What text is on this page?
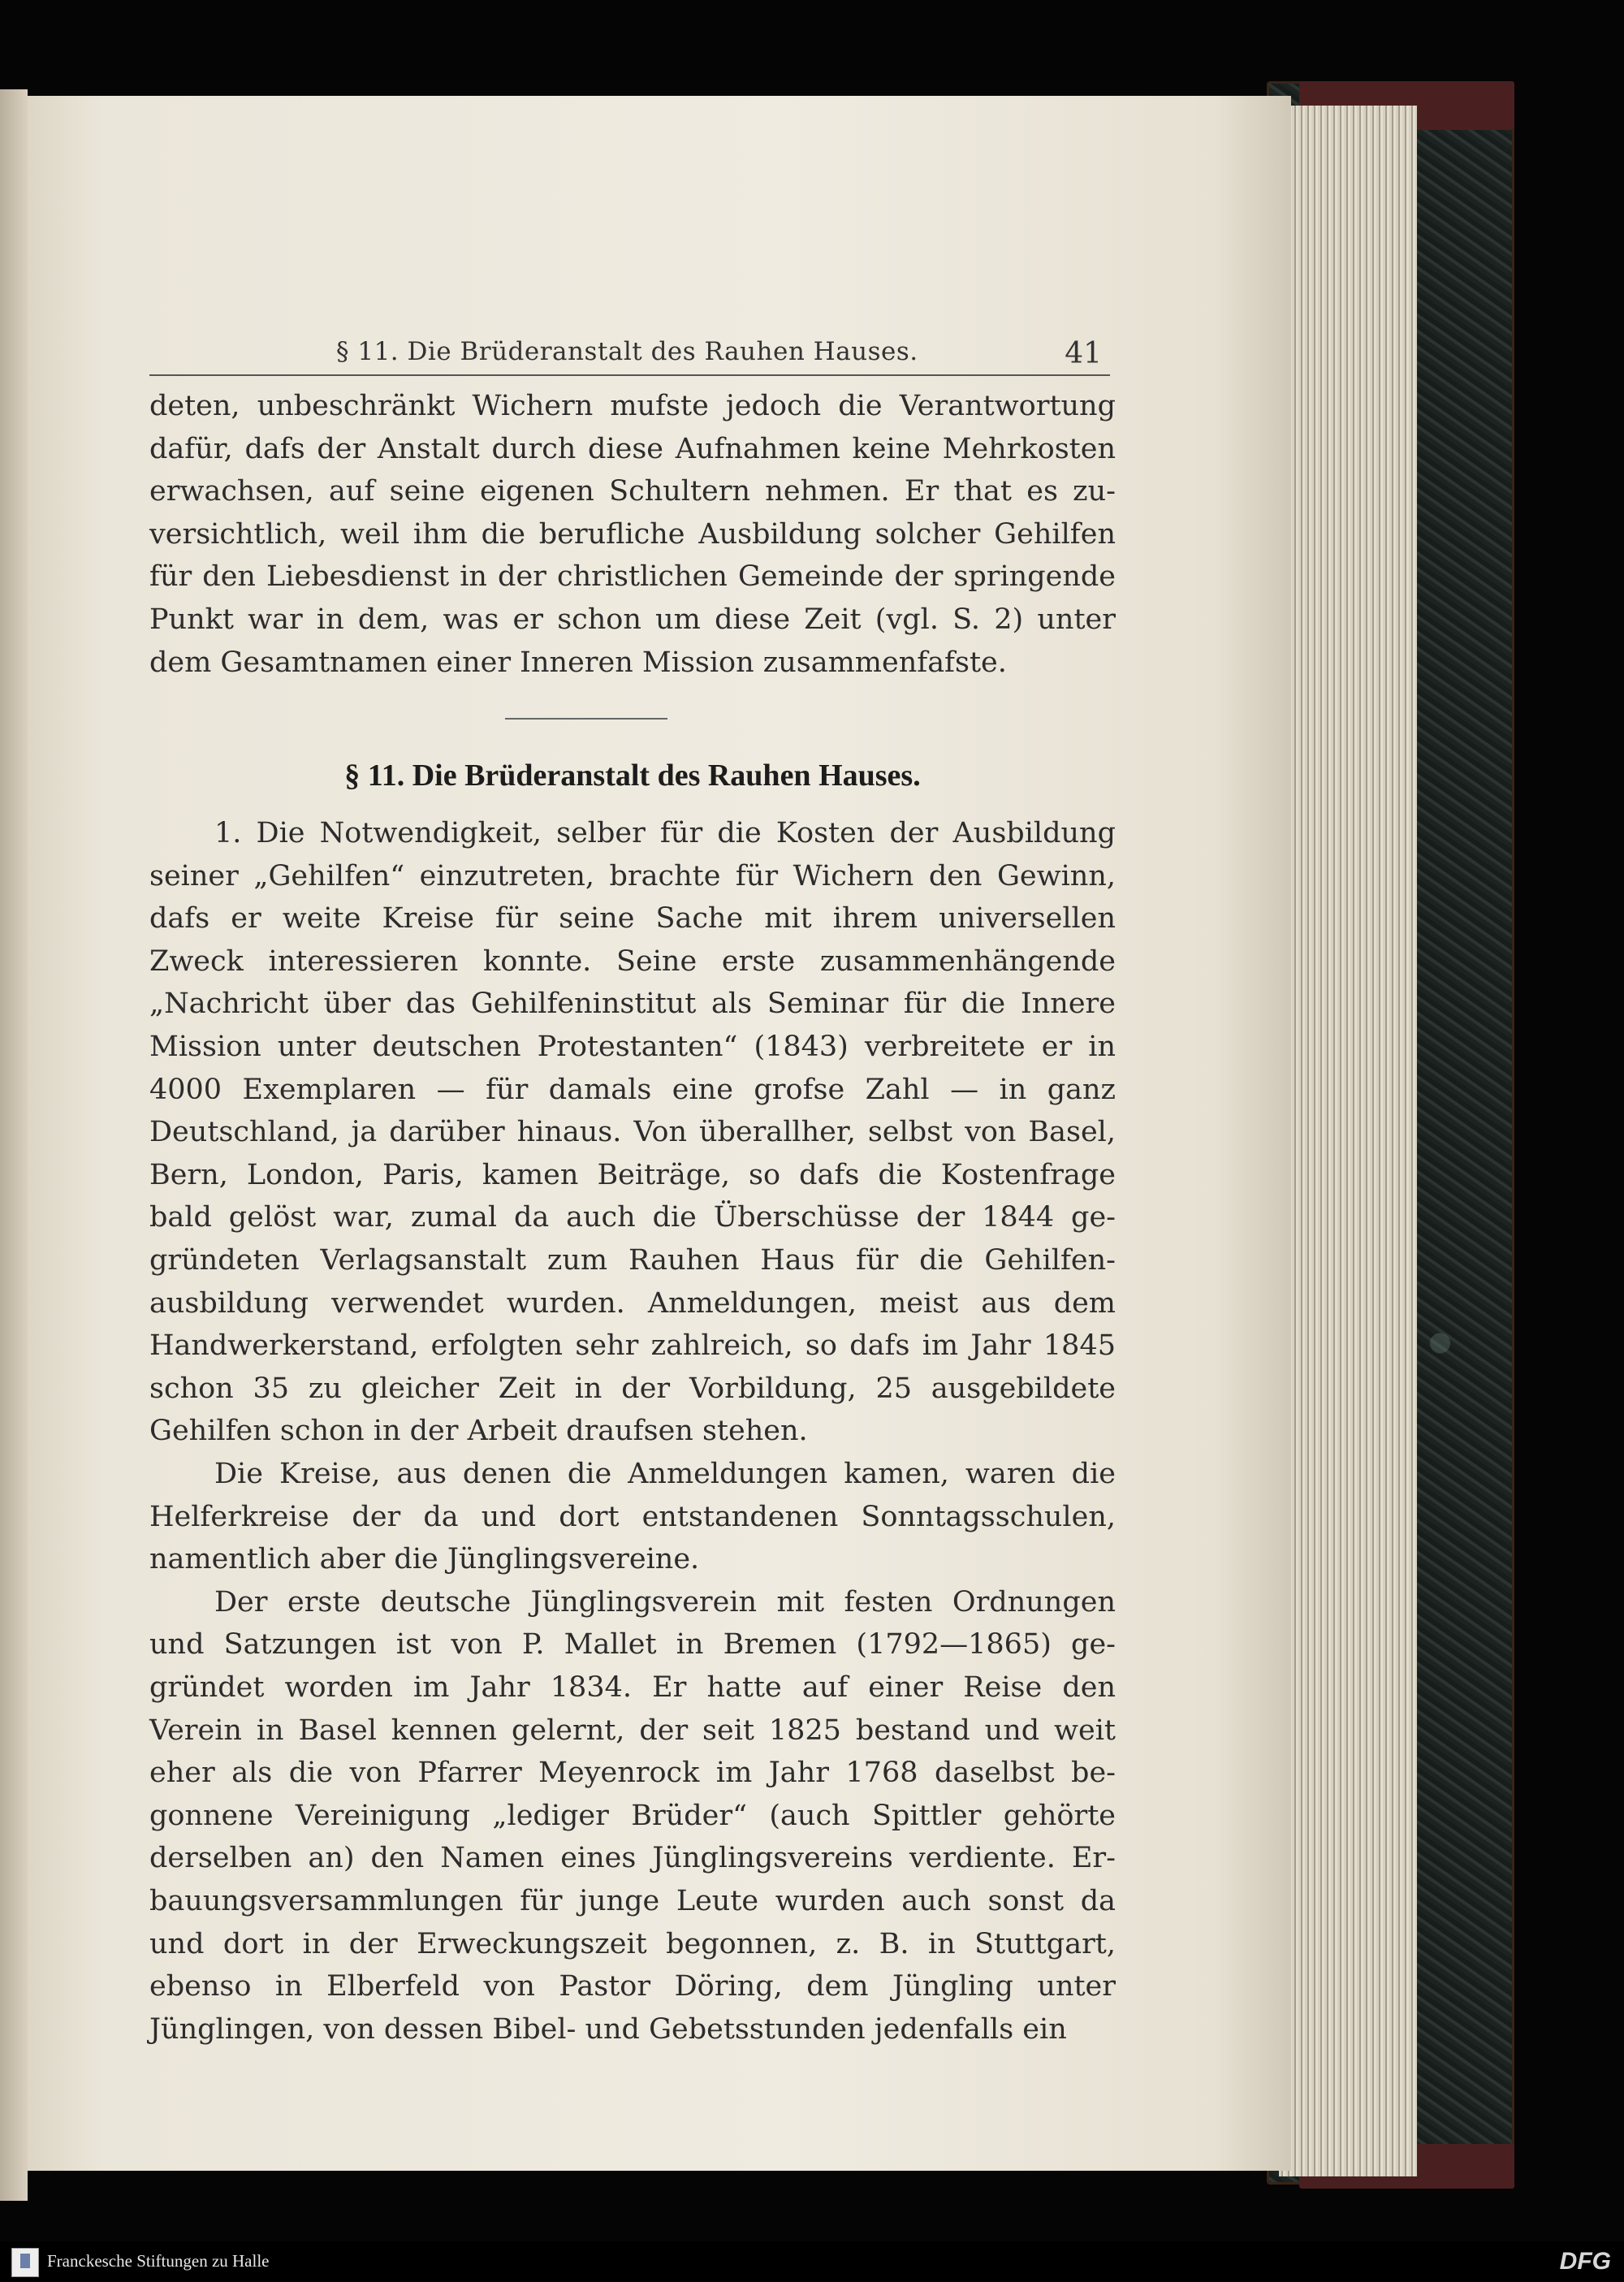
§ 11. Die Brüderanstalt des Rauhen Hauses.	41

§ 11. Die Brüderanstalt des Rauhen Hauses.
deten, unbeschränkt Wichern mufste jedoch die Verantwortung
dafür, dafs der Anstalt durch diese Aufnahmen keine Mehrkosten
erwachsen, auf seine eigenen Schultern nehmen. Er that es zu-
versichtlich, weil ihm die berufliche Ausbildung solcher Gehilfen
für den Liebesdienst in der christlichen Gemeinde der springende
Punkt war in dem, was er schon um diese Zeit (vgl. S. 2) unter
dem Gesamtnamen einer Inneren Mission zusammenfafste.
1. Die Notwendigkeit, selber für die Kosten der Ausbildung
seiner „Gehilfen“ einzutreten, brachte für Wichern den Gewinn,
dafs er weite Kreise für seine Sache mit ihrem universellen
Zweck interessieren konnte. Seine erste zusammenhängende
„Nachricht über das Gehilfeninstitut als Seminar für die Innere
Mission unter deutschen Protestanten“ (1843) verbreitete er in
4000 Exemplaren — für damals eine grofse Zahl — in ganz
Deutschland, ja darüber hinaus. Von überallher, selbst von Basel,
Bern, London, Paris, kamen Beiträge, so dafs die Kostenfrage
bald gelöst war, zumal da auch die Überschüsse der 1844 ge-
gründeten Verlagsanstalt zum Rauhen Haus für die Gehilfen-
ausbildung verwendet wurden. Anmeldungen, meist aus dem
Handwerkerstand, erfolgten sehr zahlreich, so dafs im Jahr 1845
schon 35 zu gleicher Zeit in der Vorbildung, 25 ausgebildete
Gehilfen schon in der Arbeit draufsen stehen.
Die Kreise, aus denen die Anmeldungen kamen, waren die
Helferkreise der da und dort entstandenen Sonntagsschulen,
namentlich aber die Jünglingsvereine.
Der erste deutsche Jünglingsverein mit festen Ordnungen
und Satzungen ist von P. Mallet in Bremen (1792—1865) ge-
gründet worden im Jahr 1834. Er hatte auf einer Reise den
Verein in Basel kennen gelernt, der seit 1825 bestand und weit
eher als die von Pfarrer Meyenrock im Jahr 1768 daselbst be-
gonnene Vereinigung „lediger Brüder“ (auch Spittler gehörte
derselben an) den Namen eines Jünglingsvereins verdiente. Er-
bauungsversammlungen für junge Leute wurden auch sonst da
und dort in der Erweckungszeit begonnen, z. B. in Stuttgart,
ebenso in Elberfeld von Pastor Döring, dem Jüngling unter
Jünglingen, von dessen Bibel- und Gebetsstunden jedenfalls ein
Franckesche Stiftungen zu Halle	DFG
